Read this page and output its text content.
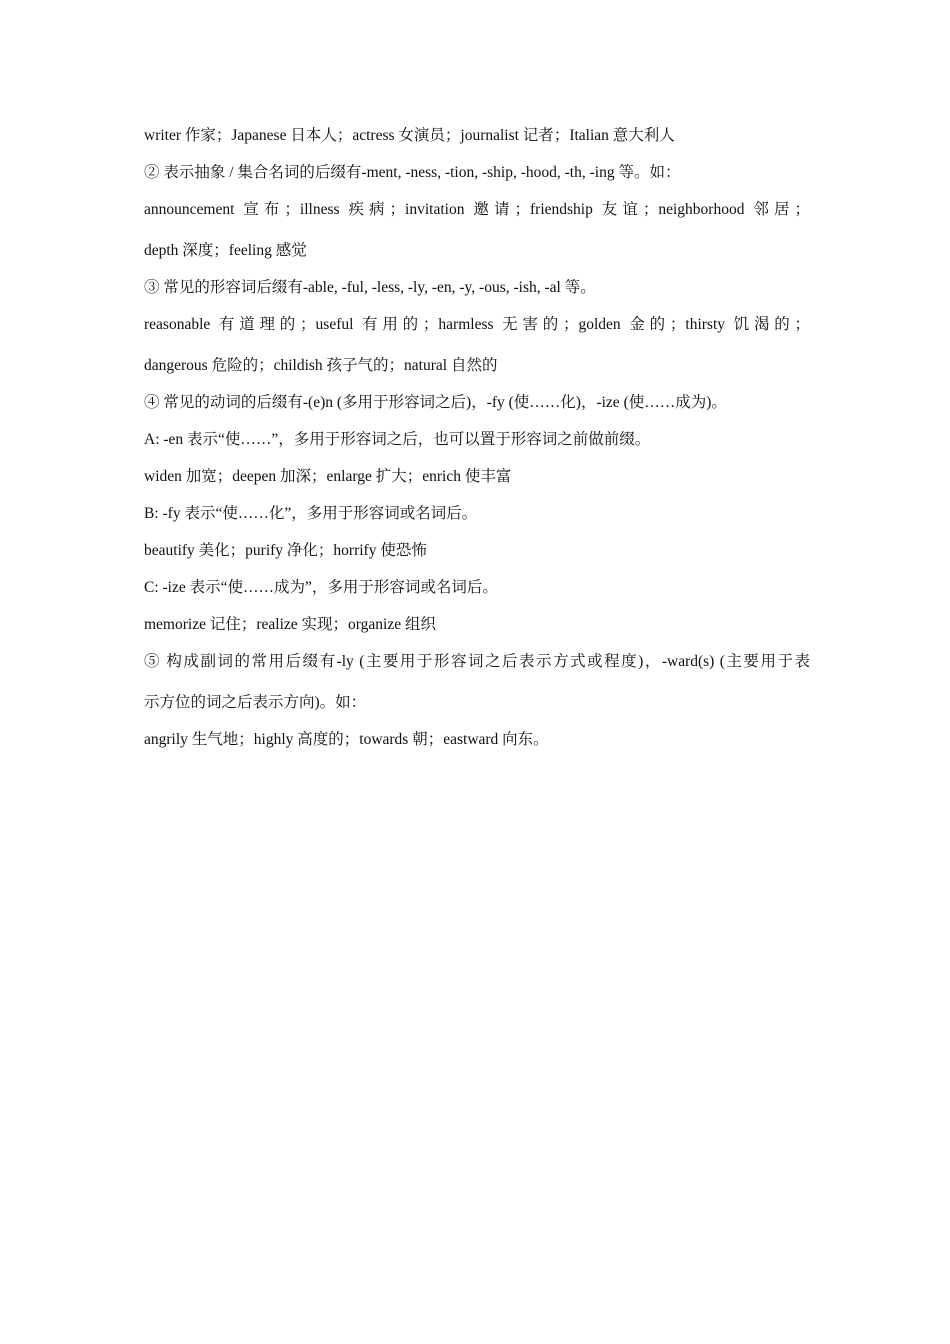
writer 作家；Japanese 日本人；actress 女演员；journalist 记者；Italian 意大利人
② 表示抽象 / 集合名词的后缀有-ment, -ness, -tion, -ship, -hood, -th, -ing 等。如：
announcement 宣布；illness 疾病；invitation 邀请；friendship 友谊；neighborhood 邻居；
depth 深度；feeling 感觉
③ 常见的形容词后缀有-able, -ful, -less, -ly, -en, -y, -ous, -ish, -al 等。
reasonable 有道理的；useful 有用的；harmless 无害的；golden 金的；thirsty 饥渴的；
dangerous 危险的；childish 孩子气的；natural 自然的
④ 常见的动词的后缀有-(e)n (多用于形容词之后)，-fy (使……化)，-ize (使……成为)。
A: -en 表示“使……”，多用于形容词之后，也可以置于形容词之前做前缀。
widen 加宽；deepen 加深；enlarge 扩大；enrich 使丰富
B: -fy 表示“使……化”，多用于形容词或名词后。
beautify 美化；purify 净化；horrify 使恐怖
C: -ize 表示“使……成为”，多用于形容词或名词后。
memorize 记住；realize 实现；organize 组织
⑤ 构成副词的常用后缀有-ly (主要用于形容词之后表示方式或程度)，-ward(s) (主要用于表
示方位的词之后表示方向)。如：
angrily 生气地；highly 高度的；towards 朝；eastward 向东。
